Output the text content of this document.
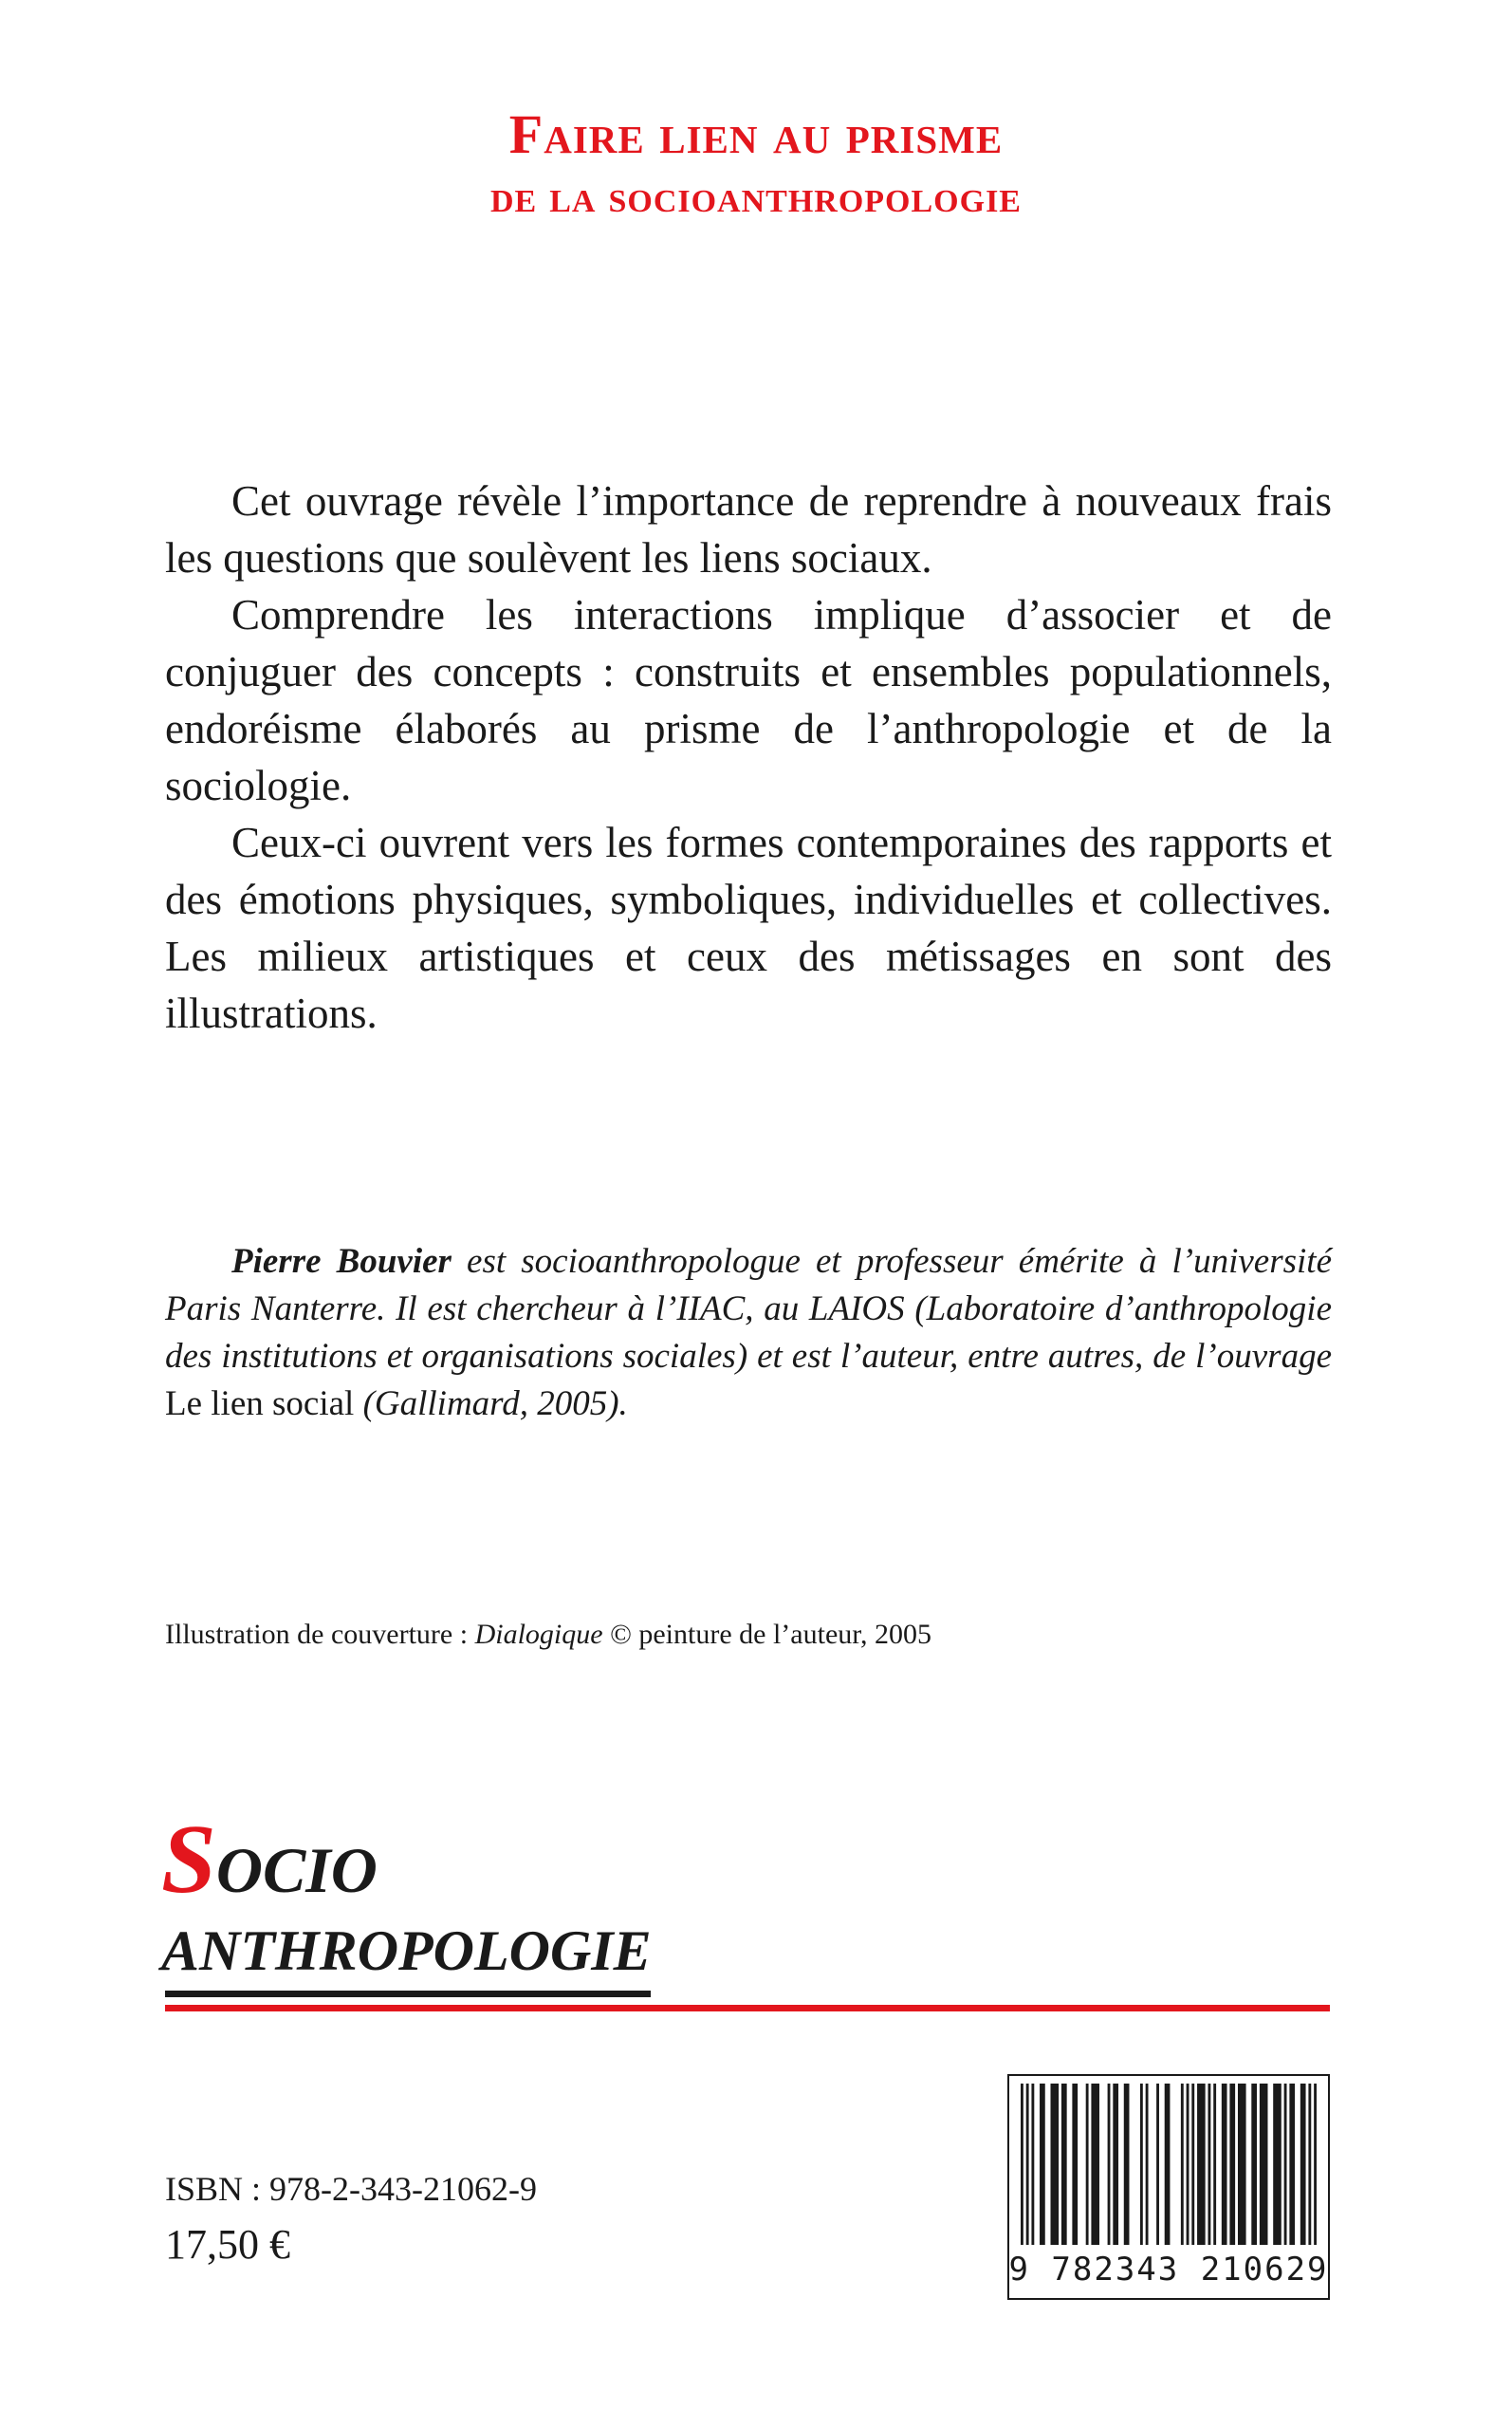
Faire lien au prisme
de la socioanthropologie

Cet ouvrage révèle l’importance de reprendre à nouveaux frais les questions que soulèvent les liens sociaux.

Comprendre les interactions implique d’associer et de conjuguer des concepts : construits et ensembles populationnels, endoréisme élaborés au prisme de l’anthropologie et de la sociologie.

Ceux-ci ouvrent vers les formes contemporaines des rapports et des émotions physiques, symboliques, individuelles et collectives. Les milieux artistiques et ceux des métissages en sont des illustrations.

Pierre Bouvier est socioanthropologue et professeur émérite à l’université Paris Nanterre. Il est chercheur à l’IIAC, au LAIOS (Laboratoire d’anthropologie des institutions et organisations sociales) et est l’auteur, entre autres, de l’ouvrage Le lien social (Gallimard, 2005).
Illustration de couverture : Dialogique © peinture de l’auteur, 2005
SOCIO
ANTHROPOLOGIE
ISBN : 978-2-343-21062-9
17,50 €
9 782343 210629
